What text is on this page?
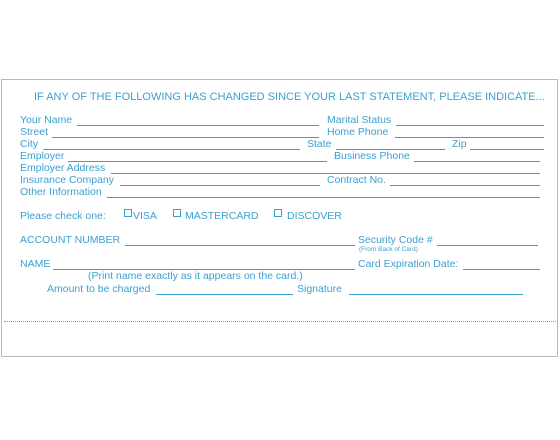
IF ANY OF THE FOLLOWING HAS CHANGED SINCE YOUR LAST STATEMENT, PLEASE INDICATE...
Your Name	Marital Status
Street	Home Phone
City	State	Zip
Employer	Business Phone
Employer Address
Insurance Company	Contract No.
Other Information
Please check one:	VISA	MASTERCARD	DISCOVER
ACCOUNT NUMBER	Security Code #
(From Back of Card)
NAME	Card Expiration Date:
(Print name exactly as it appears on the card.)
Amount to be charged	Signature
